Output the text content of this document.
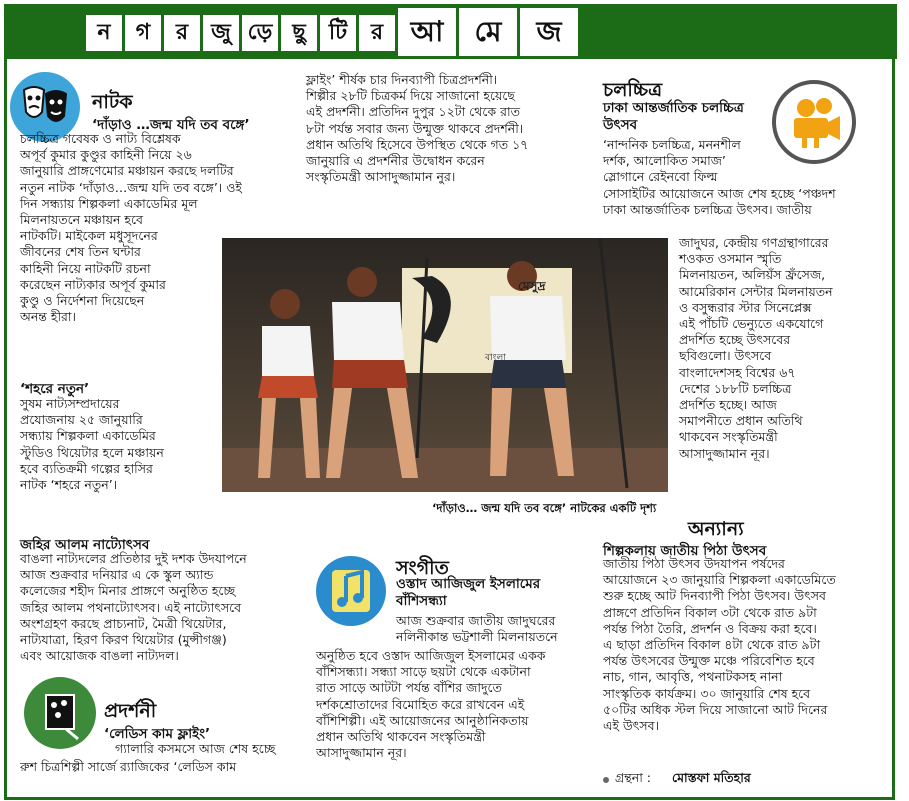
ন	গ	র	জু ড়ে ছু	টি	র আ	মে	জ
নাটক
‘দাঁড়াও …জন্ম যদি তব বঙ্গে’
চলচ্চিত্র গবেষক ও নাট্য বিশ্লেষক
অপূর্ব কুমার কুণ্ডুর কাহিনী নিয়ে ২৬
জানুয়ারি প্রাঙ্গণেমোর মঞ্চায়ন করছে দলটির
নতুন নাটক ‘দাঁড়াও…জন্ম যদি তব বঙ্গে’। ওই
দিন সন্ধ্যায় শিল্পকলা একাডেমির মূল
মিলনায়তনে মঞ্চায়ন হবে
নাটকটি। মাইকেল মধুসূদনের
জীবনের শেষ তিন ঘন্টার
কাহিনী নিয়ে নাটকটি রচনা
করেছেন নাট্যকার অপূর্ব কুমার
কুণ্ডু ও নির্দেশনা দিয়েছেন
অনন্ত হীরা।
‘শহরে নতুন’
সুষম নাট্যসম্প্রদায়ের
প্রযোজনায় ২৫ জানুয়ারি
সন্ধ্যায় শিল্পকলা একাডেমির
স্টুডিও থিয়েটার হলে মঞ্চায়ন
হবে ব্যতিক্রমী গল্পের হাসির
নাটক ‘শহরে নতুন’।
ফ্লাইং’ শীর্ষক চার দিনব্যাপী চিত্রপ্রদর্শনী।
শিল্পীর ২৮টি চিত্রকর্ম দিয়ে সাজানো হয়েছে
এই প্রদর্শনী। প্রতিদিন দুপুর ১২টা থেকে রাত
৮টা পর্যন্ত সবার জন্য উন্মুক্ত থাকবে প্রদর্শনী।
প্রধান অতিথি হিসেবে উপস্থিত থেকে গত ১৭
জানুয়ারি এ প্রদর্শনীর উদ্বোধন করেন
সংস্কৃতিমন্ত্রী আসাদুজ্জামান নুর।
চলচ্চিত্র
ঢাকা আন্তর্জাতিক চলচ্চিত্র
উৎসব
‘নান্দনিক চলচ্চিত্র, মননশীল
দর্শক, আলোকিত সমাজ’
স্লোগানে রেইনবো ফিল্ম
সোসাইটির আয়োজনে আজ শেষ হচ্ছে ‘পঞ্চদশ
ঢাকা আন্তর্জাতিক চলচ্চিত্র উৎসব। জাতীয়
জাদুঘর, কেন্দ্রীয় গণগ্রন্থাগারের
শওকত ওসমান স্মৃতি
মিলনায়তন, অলিয়ঁস ফ্রঁসেজ,
আমেরিকান সেন্টার মিলনায়তন
ও বসুন্ধরার স্টার সিনেপ্লেক্স
এই পাঁচটি ভেন্যুতে একযোগে
প্রদর্শিত হচ্ছে উৎসবের
ছবিগুলো। উৎসবে
বাংলাদেশসহ বিশ্বের ৬৭
দেশের ১৮৮টি চলচ্চিত্র
প্রদর্শিত হচ্ছে। আজ
সমাপনীতে প্রধান অতিথি
থাকবেন সংস্কৃতিমন্ত্রী
আসাদুজ্জামান নূর।
মেসুদ্র
বাংলা
‘দাঁড়াও… জন্ম যদি তব বঙ্গে’ নাটকের একটি দৃশ্য
জহির আলম নাট্যোৎসব
বাঙলা নাট্যদলের প্রতিষ্ঠার দুই দশক উদযাপনে
আজ শুক্রবার দনিয়ার এ কে স্কুল অ্যান্ড
কলেজের শহীদ মিনার প্রাঙ্গণে অনুষ্ঠিত হচ্ছে
জহির আলম পথনাট্যোৎসব। এই নাট্যোৎসবে
অংশগ্রহণ করছে প্রাচ্যনাট, মৈত্রী থিয়েটার,
নাট্যযাত্রা, হিরণ কিরণ থিয়েটার (মুন্সীগঞ্জ)
এবং আয়োজক বাঙলা নাট্যদল।
প্রদর্শনী
‘লেডিস কাম ফ্লাইং’
গ্যালারি কসমসে আজ শেষ হচ্ছে
রুশ চিত্রশিল্পী সার্জে র‍্যাজিকের ‘লেডিস কাম
সংগীত
ওস্তাদ আজিজুল ইসলামের
বাঁশিসন্ধ্যা
আজ শুক্রবার জাতীয় জাদুঘরের
নলিনীকান্ত ভট্টশালী মিলনায়তনে
অনুষ্ঠিত হবে ওস্তাদ আজিজুল ইসলামের একক
বাঁশিসন্ধ্যা। সন্ধ্যা সাড়ে ছয়টা থেকে একটানা
রাত সাড়ে আটটা পর্যন্ত বাঁশির জাদুতে
দর্শকশ্রোতাদের বিমোহিত করে রাখবেন এই
বাঁশিশিল্পী। এই আয়োজনের আনুষ্ঠানিকতায়
প্রধান অতিথি থাকবেন সংস্কৃতিমন্ত্রী
আসাদুজ্জামান নূর।
অন্যান্য
শিল্পকলায় জাতীয় পিঠা উৎসব
জাতীয় পিঠা উৎসব উদযাপন পর্ষদের
আয়োজনে ২৩ জানুয়ারি শিল্পকলা একাডেমিতে
শুরু হচ্ছে আট দিনব্যাপী পিঠা উৎসব। উৎসব
প্রাঙ্গণে প্রতিদিন বিকাল ৩টা থেকে রাত ৯টা
পর্যন্ত পিঠা তৈরি, প্রদর্শন ও বিক্রয় করা হবে।
এ ছাড়া প্রতিদিন বিকাল ৪টা থেকে রাত ৯টা
পর্যন্ত উৎসবের উন্মুক্ত মঞ্চে পরিবেশিত হবে
নাচ, গান, আবৃত্তি, পথনাটকসহ নানা
সাংস্কৃতিক কার্যক্রম। ৩০ জানুয়ারি শেষ হবে
৫০টির অধিক স্টল দিয়ে সাজানো আট দিনের
এই উৎসব।
গ্রন্থনা : মোস্তফা মতিহার
